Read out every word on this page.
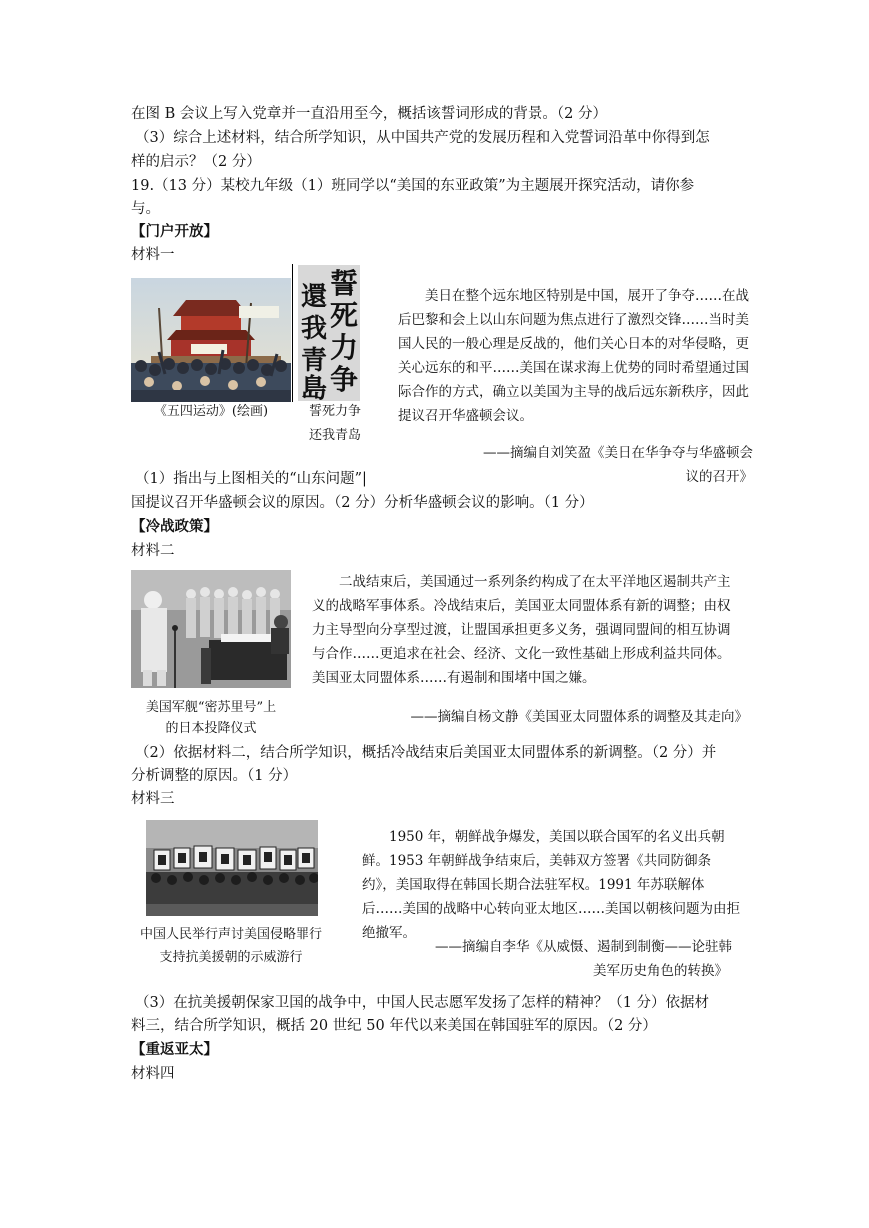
在图 B 会议上写入党章并一直沿用至今，概括该誓词形成的背景。（2 分）
（3）综合上述材料，结合所学知识，从中国共产党的发展历程和入党誓词沿革中你得到怎
样的启示？（2 分）
19.（13 分）某校九年级（1）班同学以“美国的东亚政策”为主题展开探究活动，请你参
与。
【门户开放】
材料一
誓
死
力
争
還
我
青
島
《五四运动》(绘画)	誓死力争
还我青岛

美日在整个远东地区特别是中国，展开了争夺……在战后巴黎和会上以山东问题为焦点进行了激烈交锋……当时美国人民的一般心理是反战的，他们关心日本的对华侵略，更关心远东的和平……美国在谋求海上优势的同时希望通过国际合作的方式，确立以美国为主导的战后远东新秩序，因此提议召开华盛顿会议。

——摘编自刘笑盈《美日在华争夺与华盛顿会
议的召开》
（1）指出与上图相关的“山东问题”|
国提议召开华盛顿会议的原因。（2 分）分析华盛顿会议的影响。（1 分）
【冷战政策】
材料二
美国军舰“密苏里号”上
的日本投降仪式

二战结束后，美国通过一系列条约构成了在太平洋地区遏制共产主义的战略军事体系。冷战结束后，美国亚太同盟体系有新的调整；由权力主导型向分享型过渡，让盟国承担更多义务，强调同盟间的相互协调与合作……更追求在社会、经济、文化一致性基础上形成利益共同体。美国亚太同盟体系……有遏制和围堵中国之嫌。

——摘编自杨文静《美国亚太同盟体系的调整及其走向》
（2）依据材料二，结合所学知识，概括冷战结束后美国亚太同盟体系的新调整。（2 分）并
分析调整的原因。（1 分）
材料三
中国人民举行声讨美国侵略罪行
支持抗美援朝的示威游行

1950 年，朝鲜战争爆发，美国以联合国军的名义出兵朝鲜。1953 年朝鲜战争结束后，美韩双方签署《共同防御条约》，美国取得在韩国长期合法驻军权。1991 年苏联解体后……美国的战略中心转向亚太地区……美国以朝核问题为由拒绝撤军。

——摘编自李华《从威慑、遏制到制衡——论驻韩
美军历史角色的转换》
（3）在抗美援朝保家卫国的战争中，中国人民志愿军发扬了怎样的精神？（1 分）依据材
料三，结合所学知识，概括 20 世纪 50 年代以来美国在韩国驻军的原因。（2 分）
【重返亚太】
材料四
